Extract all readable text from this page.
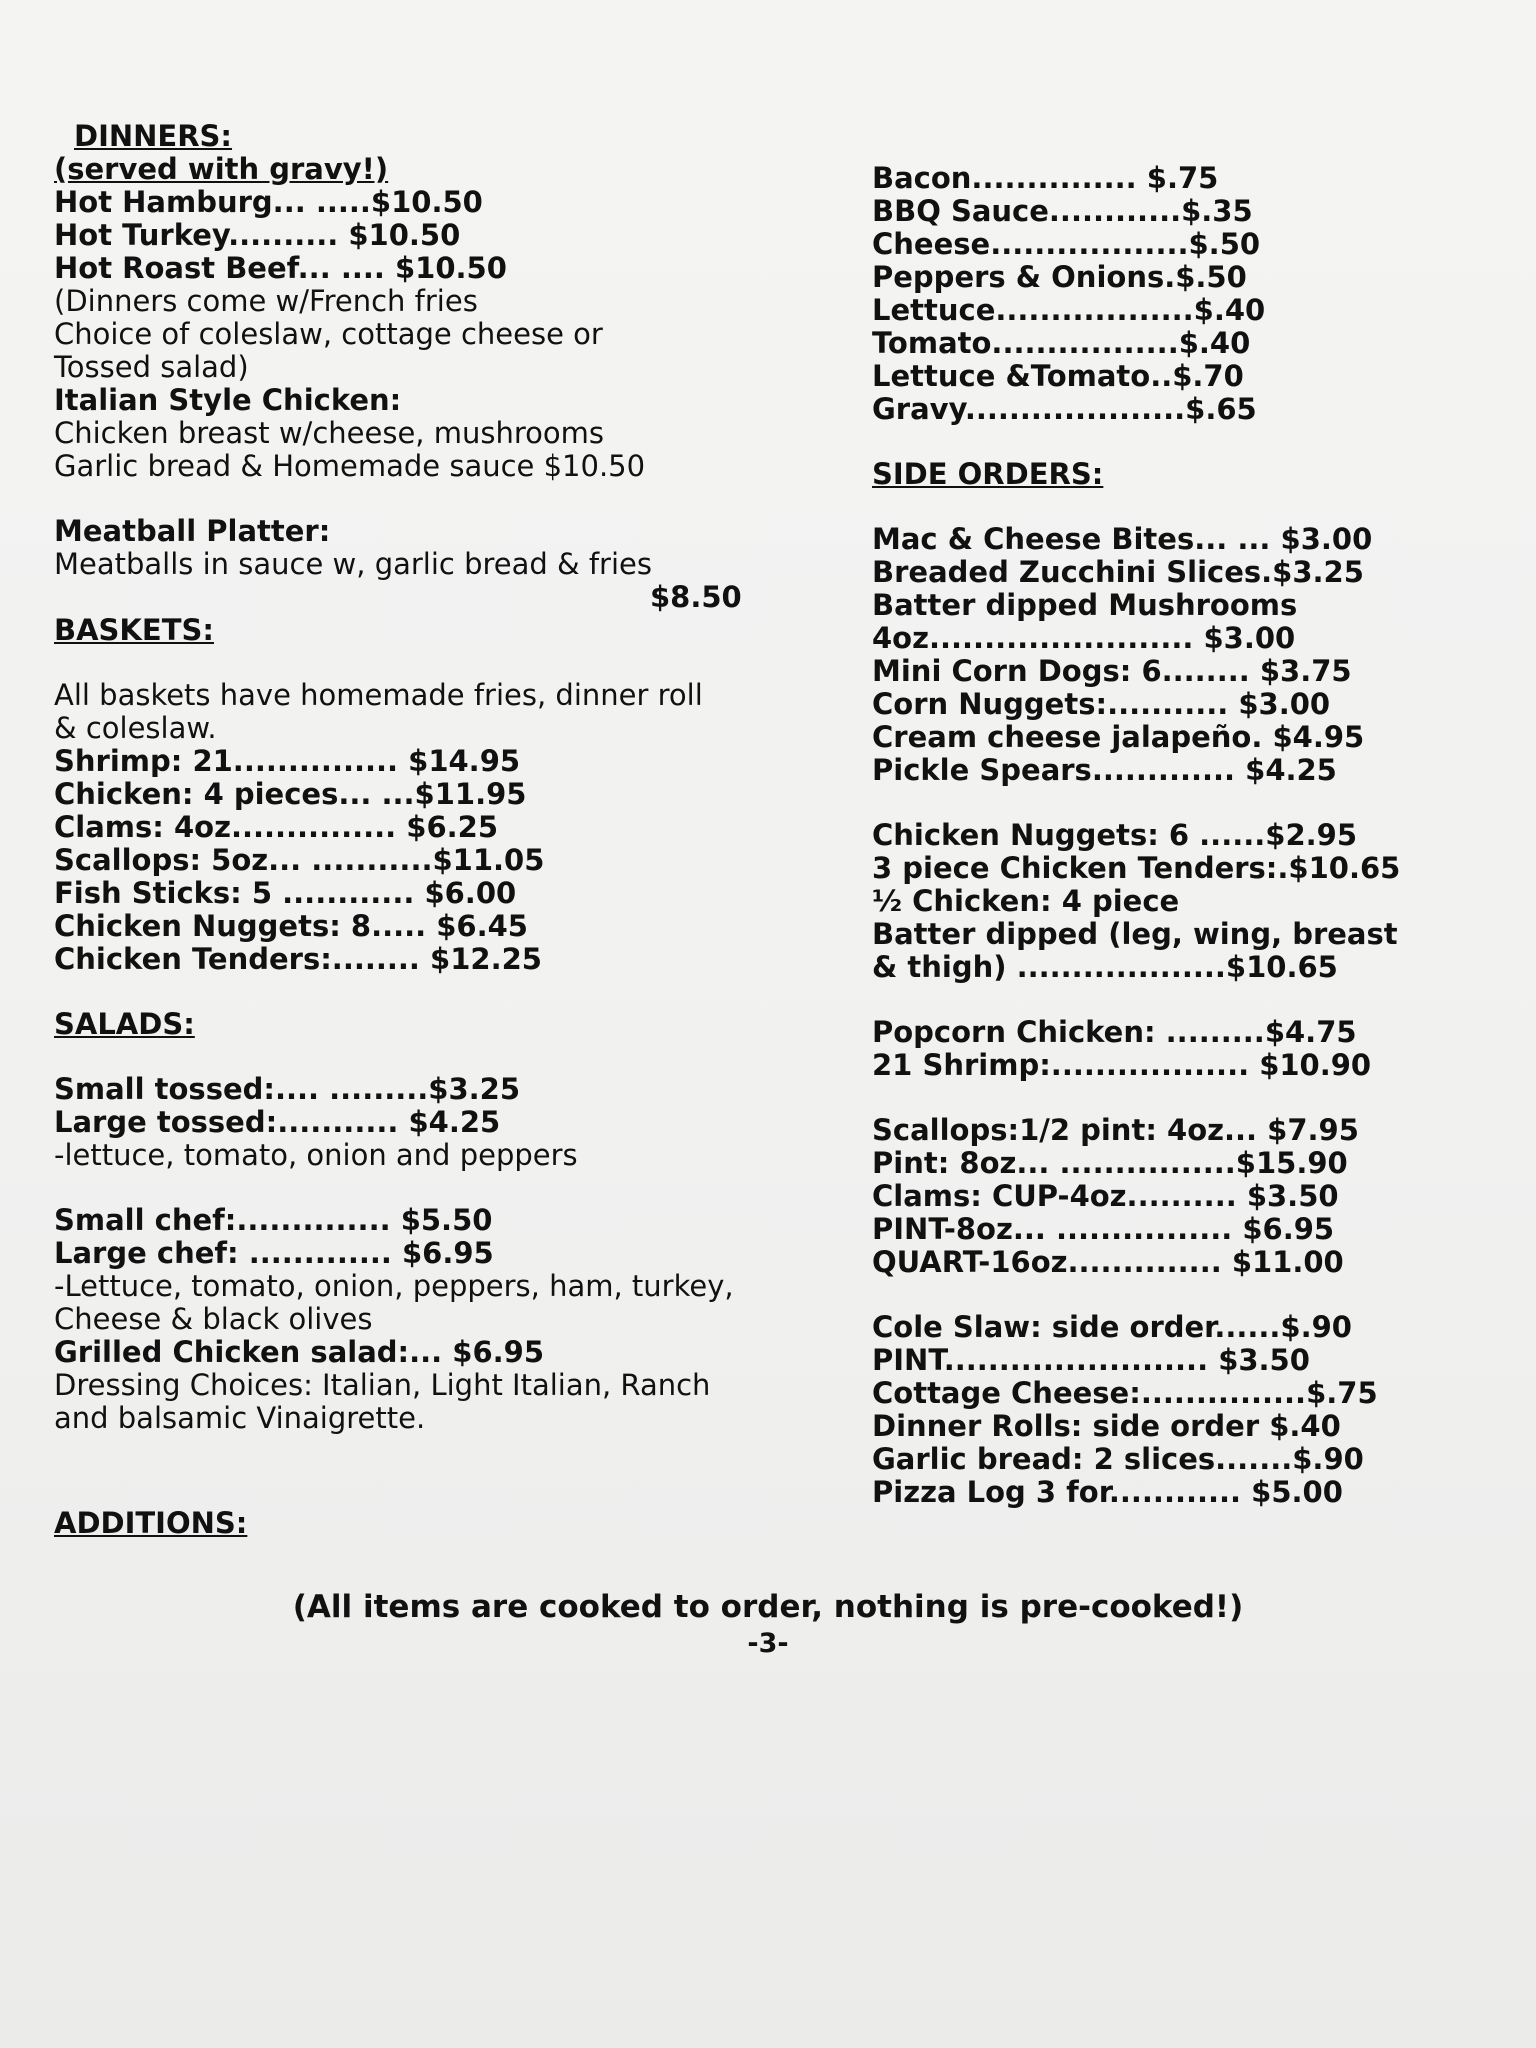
DINNERS:
(served with gravy!)
Hot Hamburg... .....$10.50
Hot Turkey.......... $10.50
Hot Roast Beef... .... $10.50
(Dinners come w/French fries
Choice of coleslaw, cottage cheese or
Tossed salad)
Italian Style Chicken:
Chicken breast w/cheese, mushrooms
Garlic bread & Homemade sauce $10.50
Meatball Platter:
Meatballs in sauce w, garlic bread & fries
$8.50
BASKETS:
All baskets have homemade fries, dinner roll
& coleslaw.
Shrimp: 21............... $14.95
Chicken: 4 pieces... ...$11.95
Clams: 4oz............... $6.25
Scallops: 5oz... ...........$11.05
Fish Sticks: 5 ............ $6.00
Chicken Nuggets: 8..... $6.45
Chicken Tenders:........ $12.25
SALADS:
Small tossed:.... .........$3.25
Large tossed:........... $4.25
-lettuce, tomato, onion and peppers
Small chef:.............. $5.50
Large chef: ............. $6.95
-Lettuce, tomato, onion, peppers, ham, turkey,
Cheese & black olives
Grilled Chicken salad:... $6.95
Dressing Choices: Italian, Light Italian, Ranch
and balsamic Vinaigrette.
ADDITIONS:
Bacon............... $.75
BBQ Sauce............$.35
Cheese..................$.50
Peppers & Onions.$.50
Lettuce..................$.40
Tomato.................$.40
Lettuce &Tomato..$.70
Gravy....................$.65
SIDE ORDERS:
Mac & Cheese Bites... ... $3.00
Breaded Zucchini Slices.$3.25
Batter dipped Mushrooms
4oz........................ $3.00
Mini Corn Dogs: 6........ $3.75
Corn Nuggets:........... $3.00
Cream cheese jalapeño. $4.95
Pickle Spears............. $4.25
Chicken Nuggets: 6 ......$2.95
3 piece Chicken Tenders:.$10.65
½ Chicken: 4 piece
Batter dipped (leg, wing, breast
& thigh) ...................$10.65
Popcorn Chicken: .........$4.75
21 Shrimp:.................. $10.90
Scallops:1/2 pint: 4oz... $7.95
Pint: 8oz... ................$15.90
Clams: CUP-4oz.......... $3.50
PINT-8oz... ................ $6.95
QUART-16oz.............. $11.00
Cole Slaw: side order......$.90
PINT........................ $3.50
Cottage Cheese:...............$.75
Dinner Rolls: side order $.40
Garlic bread: 2 slices.......$.90
Pizza Log 3 for............ $5.00
(All items are cooked to order, nothing is pre-cooked!)
-3-
